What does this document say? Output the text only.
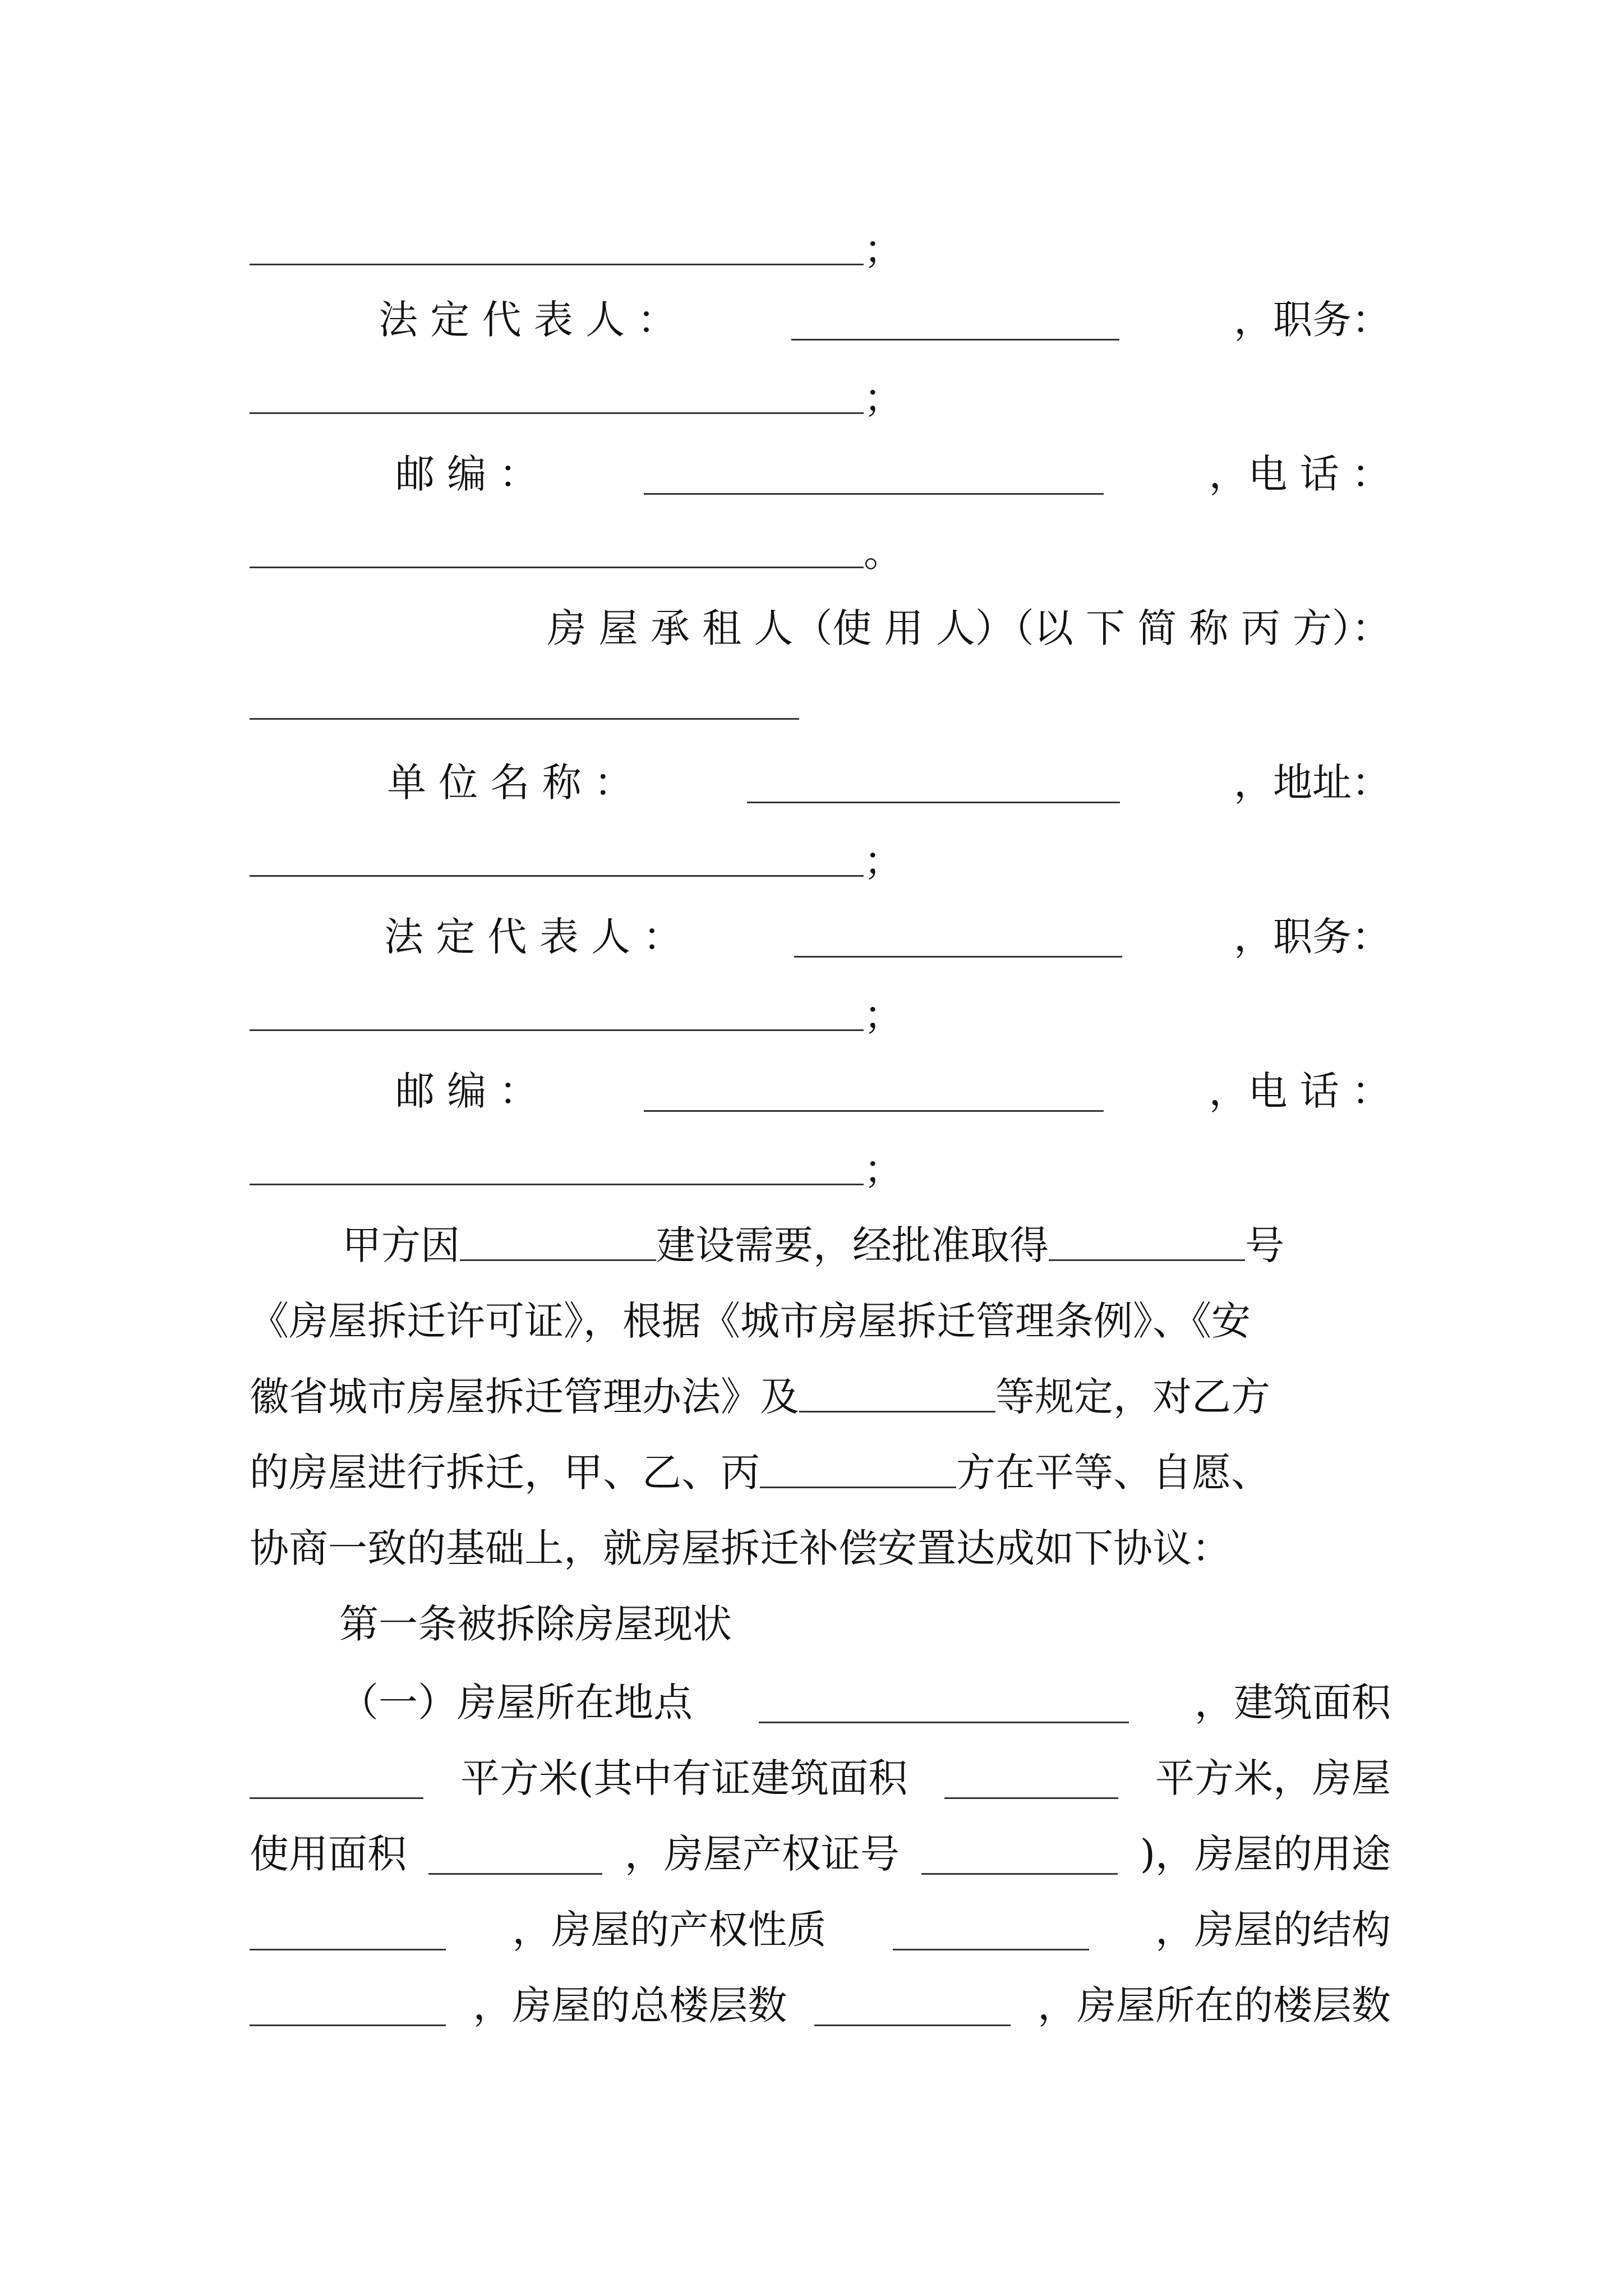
；
法 定 代 表 人 ：	，职务：
；
邮 编 ：	，电 话 ：
。
房 屋 承 租 人（使 用 人）（以 下 简 称 丙 方）：
单 位 名 称 ：	，地址：
；
法 定 代 表 人 ：	，职务：
；
邮 编 ：	，电 话 ：
；
甲方因	建设需要，经批准取得	号
《房屋拆迁许可证》，根据《城市房屋拆迁管理条例》、《安
徽省城市房屋拆迁管理办法》及	等规定，对乙方
的房屋进行拆迁，甲、乙、丙	方在平等、自愿、
协商一致的基础上，就房屋拆迁补偿安置达成如下协议：
第一条被拆除房屋现状
（一）房屋所在地点	，建筑面积
平方米(其中有证建筑面积	平方米，房屋
使用面积	，房屋产权证号	)，房屋的用途
，房屋的产权性质	，房屋的结构
，房屋的总楼层数	，房屋所在的楼层数
